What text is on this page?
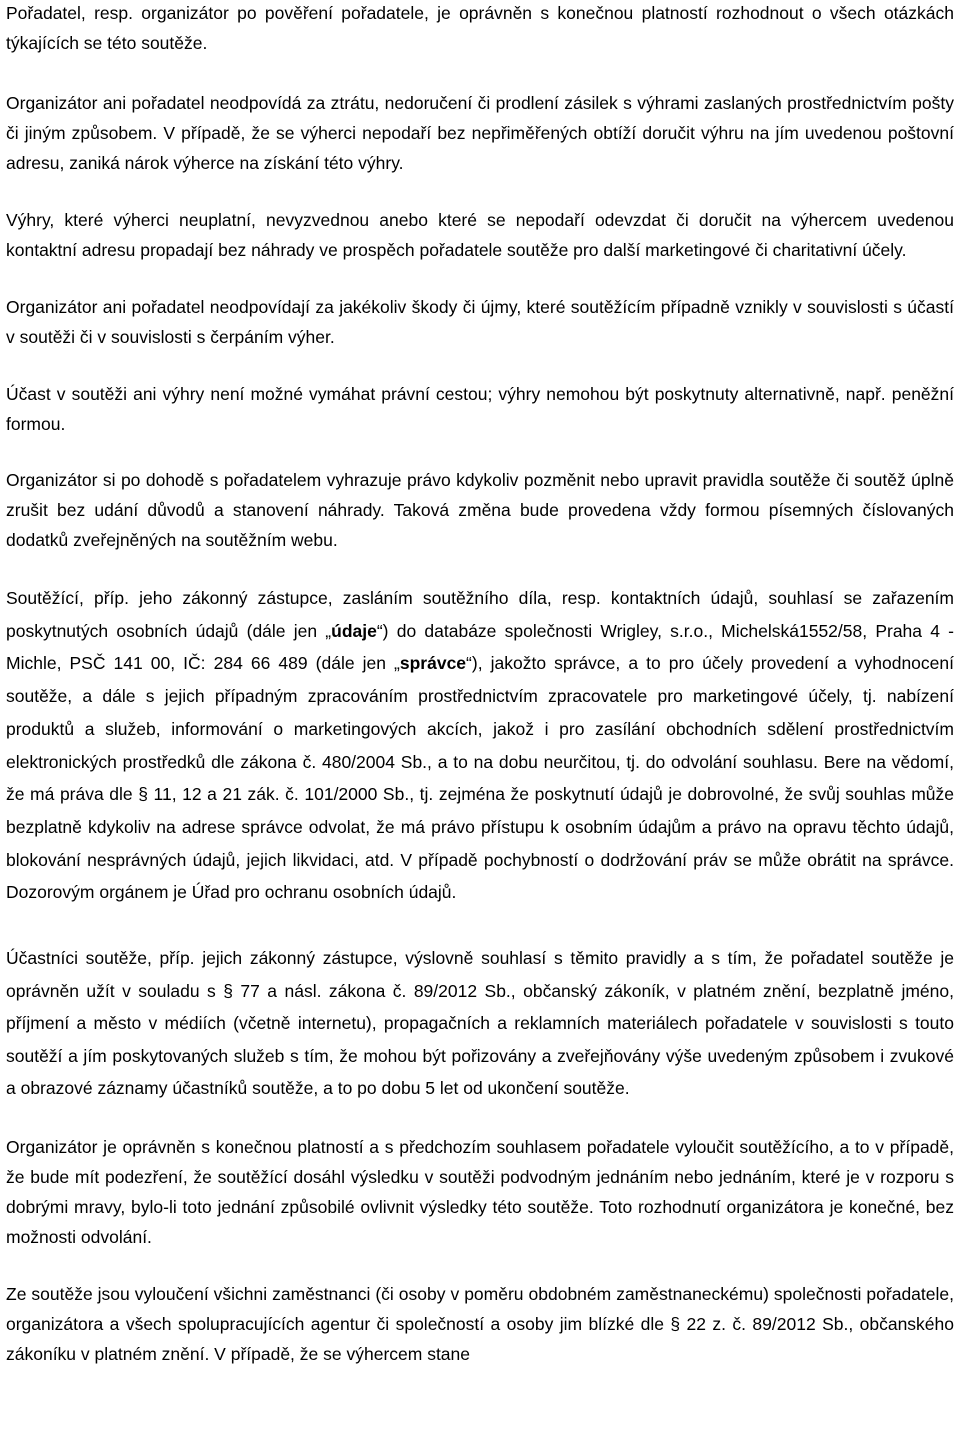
Pořadatel, resp. organizátor po pověření pořadatele, je oprávněn s konečnou platností rozhodnout o všech otázkách týkajících se této soutěže.

Organizátor ani pořadatel neodpovídá za ztrátu, nedoručení či prodlení zásilek s výhrami zaslaných prostřednictvím pošty či jiným způsobem. V případě, že se výherci nepodaří bez nepřiměřených obtíží doručit výhru na jím uvedenou poštovní adresu, zaniká nárok výherce na získání této výhry.

Výhry, které výherci neuplatní, nevyzvednou anebo které se nepodaří odevzdat či doručit na výhercem uvedenou kontaktní adresu propadají bez náhrady ve prospěch pořadatele soutěže pro další marketingové či charitativní účely.

Organizátor ani pořadatel neodpovídají za jakékoliv škody či újmy, které soutěžícím případně vznikly v souvislosti s účastí v soutěži či v souvislosti s čerpáním výher.

Účast v soutěži ani výhry není možné vymáhat právní cestou; výhry nemohou být poskytnuty alternativně, např. peněžní formou.

Organizátor si po dohodě s pořadatelem vyhrazuje právo kdykoliv pozměnit nebo upravit pravidla soutěže či soutěž úplně zrušit bez udání důvodů a stanovení náhrady. Taková změna bude provedena vždy formou písemných číslovaných dodatků zveřejněných na soutěžním webu.

Soutěžící, příp. jeho zákonný zástupce, zasláním soutěžního díla, resp. kontaktních údajů, souhlasí se zařazením poskytnutých osobních údajů (dále jen „údaje“) do databáze společnosti Wrigley, s.r.o., Michelská1552/58, Praha 4 - Michle, PSČ 141 00, IČ: 284 66 489 (dále jen „správce“), jakožto správce, a to pro účely provedení a vyhodnocení soutěže, a dále s jejich případným zpracováním prostřednictvím zpracovatele pro marketingové účely, tj. nabízení produktů a služeb, informování o marketingových akcích, jakož i pro zasílání obchodních sdělení prostřednictvím elektronických prostředků dle zákona č. 480/2004 Sb., a to na dobu neurčitou, tj. do odvolání souhlasu. Bere na vědomí, že má práva dle § 11, 12 a 21 zák. č. 101/2000 Sb., tj. zejména že poskytnutí údajů je dobrovolné, že svůj souhlas může bezplatně kdykoliv na adrese správce odvolat, že má právo přístupu k osobním údajům a právo na opravu těchto údajů, blokování nesprávných údajů, jejich likvidaci, atd. V případě pochybností o dodržování práv se může obrátit na správce. Dozorovým orgánem je Úřad pro ochranu osobních údajů.

Účastníci soutěže, příp. jejich zákonný zástupce, výslovně souhlasí s těmito pravidly a s tím, že pořadatel soutěže je oprávněn užít v souladu s § 77 a násl. zákona č. 89/2012 Sb., občanský zákoník, v platném znění, bezplatně jméno, příjmení a město v médiích (včetně internetu), propagačních a reklamních materiálech pořadatele v souvislosti s touto soutěží a jím poskytovaných služeb s tím, že mohou být pořizovány a zveřejňovány výše uvedeným způsobem i zvukové a obrazové záznamy účastníků soutěže, a to po dobu 5 let od ukončení soutěže.

Organizátor je oprávněn s konečnou platností a s předchozím souhlasem pořadatele vyloučit soutěžícího, a to v případě, že bude mít podezření, že soutěžící dosáhl výsledku v soutěži podvodným jednáním nebo jednáním, které je v rozporu s dobrými mravy, bylo-li toto jednání způsobilé ovlivnit výsledky této soutěže. Toto rozhodnutí organizátora je konečné, bez možnosti odvolání.

Ze soutěže jsou vyloučení všichni zaměstnanci (či osoby v poměru obdobném zaměstnaneckému) společnosti pořadatele, organizátora a všech spolupracujících agentur či společností a osoby jim blízké dle § 22 z. č. 89/2012 Sb., občanského zákoníku v platném znění. V případě, že se výhercem stane
